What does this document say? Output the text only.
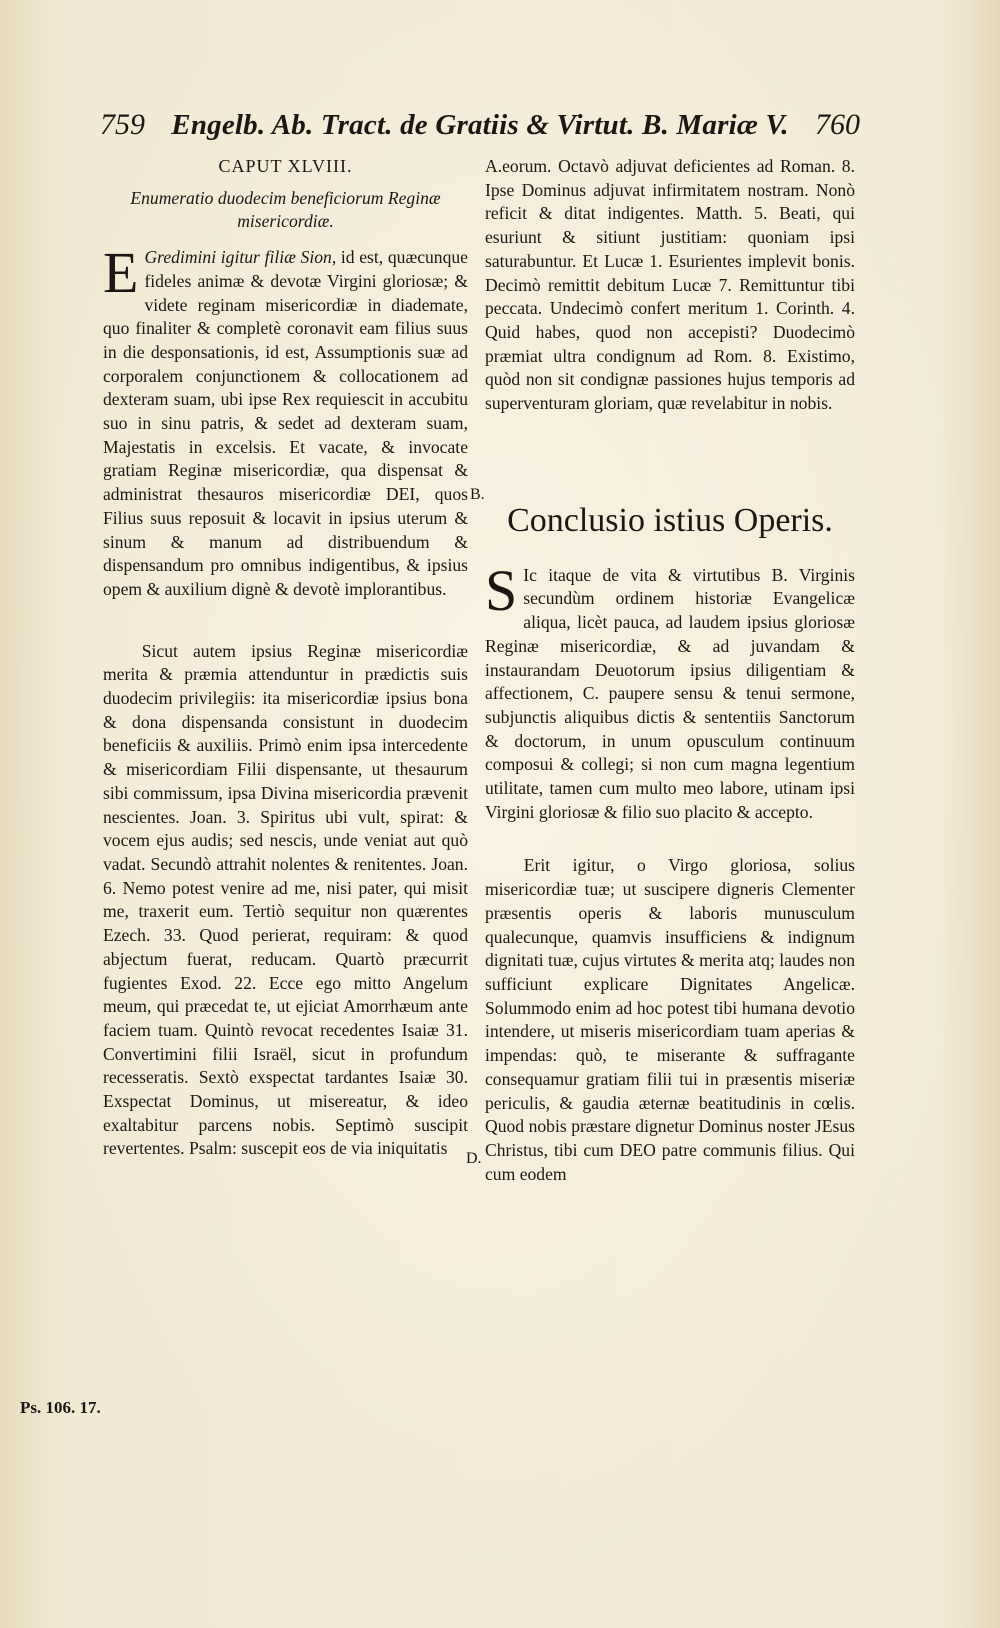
759 Engelb. Ab. Tract. de Gratiis & Virtut. B. Mariæ V. 760

CAPUT XLVIII.

Enumeratio duodecim beneficiorum Reginæ misericordiæ.

E Gredimini igitur filiæ Sion, id est, quæcunque fideles animæ & devotæ Virgini gloriosæ; & videte reginam misericordiæ in diademate, quo finaliter & completè coronavit eam filius suus in die desponsationis, id est, Assumptionis suæ ad corporalem conjunctionem & collocationem ad dexteram suam, ubi ipse Rex requiescit in accubitu suo in sinu patris, & sedet ad dexteram suam, Majestatis in excelsis. Et vacate, & invocate gratiam Reginæ misericordiæ, qua dispensat & administrat thesauros misericordiæ DEI, quos Filius suus reposuit & locavit in ipsius uterum & sinum & manum ad distribuendum & dispensandum pro omnibus indigentibus, & ipsius opem & auxilium dignè & devotè implorantibus.

Sicut autem ipsius Reginæ misericordiæ merita & præmia attenduntur in prædictis suis duodecim privilegiis: ita misericordiæ ipsius bona & dona dispensanda consistunt in duodecim beneficiis & auxiliis. Primò enim ipsa intercedente & misericordiam Filii dispensante, ut thesaurum sibi commissum, ipsa Divina misericordia prævenit nescientes. Joan. 3. Spiritus ubi vult, spirat: & vocem ejus audis; sed nescis, unde veniat aut quò vadat. Secundò attrahit nolentes & renitentes. Joan. 6. Nemo potest venire ad me, nisi pater, qui misit me, traxerit eum. Tertiò sequitur non quærentes Ezech. 33. Quod perierat, requiram: & quod abjectum fuerat, reducam. Quartò præcurrit fugientes Exod. 22. Ecce ego mitto Angelum meum, qui præcedat te, ut ejiciat Amorrhæum ante faciem tuam. Quintò revocat recedentes Isaiæ 31. Convertimini filii Israël, sicut in profundum recesseratis. Sextò exspectat tardantes Isaiæ 30. Exspectat Dominus, ut misereatur, & ideo exaltabitur parcens nobis. Septimò suscipit revertentes. Psalm: suscepit eos de via iniquitatis

A.eorum. Octavò adjuvat deficientes ad Roman. 8. Ipse Dominus adjuvat infirmitatem nostram. Nonò reficit & ditat indigentes. Matth. 5. Beati, qui esuriunt & sitiunt justitiam: quoniam ipsi saturabuntur. Et Lucæ 1. Esurientes implevit bonis. Decimò remittit debitum Lucæ 7. Remittuntur tibi peccata. Undecimò confert meritum 1. Corinth. 4. Quid habes, quod non accepisti? Duodecimò præmiat ultra condignum ad Rom. 8. Existimo, quòd non sit condignæ passiones hujus temporis ad superventuram gloriam, quæ revelabitur in nobis.

Conclusio istius Operis.

S Ic itaque de vita & virtutibus B. Virginis secundùm ordinem historiæ Evangelicæ aliqua, licèt pauca, ad laudem ipsius gloriosæ Reginæ misericordiæ, & ad juvandam & instaurandam Deuotorum ipsius diligentiam & affectionem, C. paupere sensu & tenui sermone, subjunctis aliquibus dictis & sententiis Sanctorum & doctorum, in unum opusculum continuum composui & collegi; si non cum magna legentium utilitate, tamen cum multo meo labore, utinam ipsi Virgini gloriosæ & filio suo placito & accepto.

Erit igitur, o Virgo gloriosa, solius misericordiæ tuæ; ut suscipere digneris Clementer præsentis operis & laboris munusculum qualecunque, quamvis insufficiens & indignum dignitati tuæ, cujus virtutes & merita atq; laudes non sufficiunt explicare Dignitates Angelicæ. Solummodo enim ad hoc potest tibi humana devotio intendere, ut miseris misericordiam tuam aperias & impendas: quò, te miserante & suffragante consequamur gratiam filii tui in præsentis miseriæ periculis, & gaudia æternæ beatitudinis in cœlis. Quod nobis præstare dignetur Dominus noster JEsus Christus, tibi cum DEO patre communis filius. Qui cum eodem

Ps. 106. 17.
B.
D.
